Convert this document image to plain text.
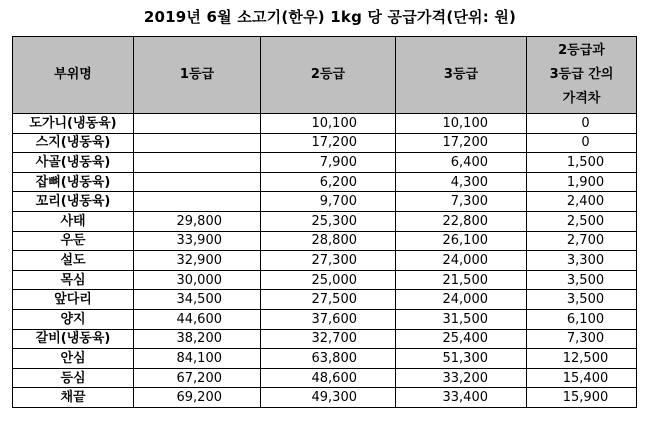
2019년 6월 소고기(한우) 1kg 당 공급가격(단위: 원)
부위명	1등급	2등급	3등급	2등급과
3등급 간의
가격차

도가니(냉동육)		10,100	10,100	0
스지(냉동육)		17,200	17,200	0
사골(냉동육)		7,900	6,400	1,500
잡뼈(냉동육)		6,200	4,300	1,900
꼬리(냉동육)		9,700	7,300	2,400
사태	29,800	25,300	22,800	2,500
우둔	33,900	28,800	26,100	2,700
설도	32,900	27,300	24,000	3,300
목심	30,000	25,000	21,500	3,500
앞다리	34,500	27,500	24,000	3,500
양지	44,600	37,600	31,500	6,100
갈비(냉동육)	38,200	32,700	25,400	7,300
안심	84,100	63,800	51,300	12,500
등심	67,200	48,600	33,200	15,400
채끝	69,200	49,300	33,400	15,900
